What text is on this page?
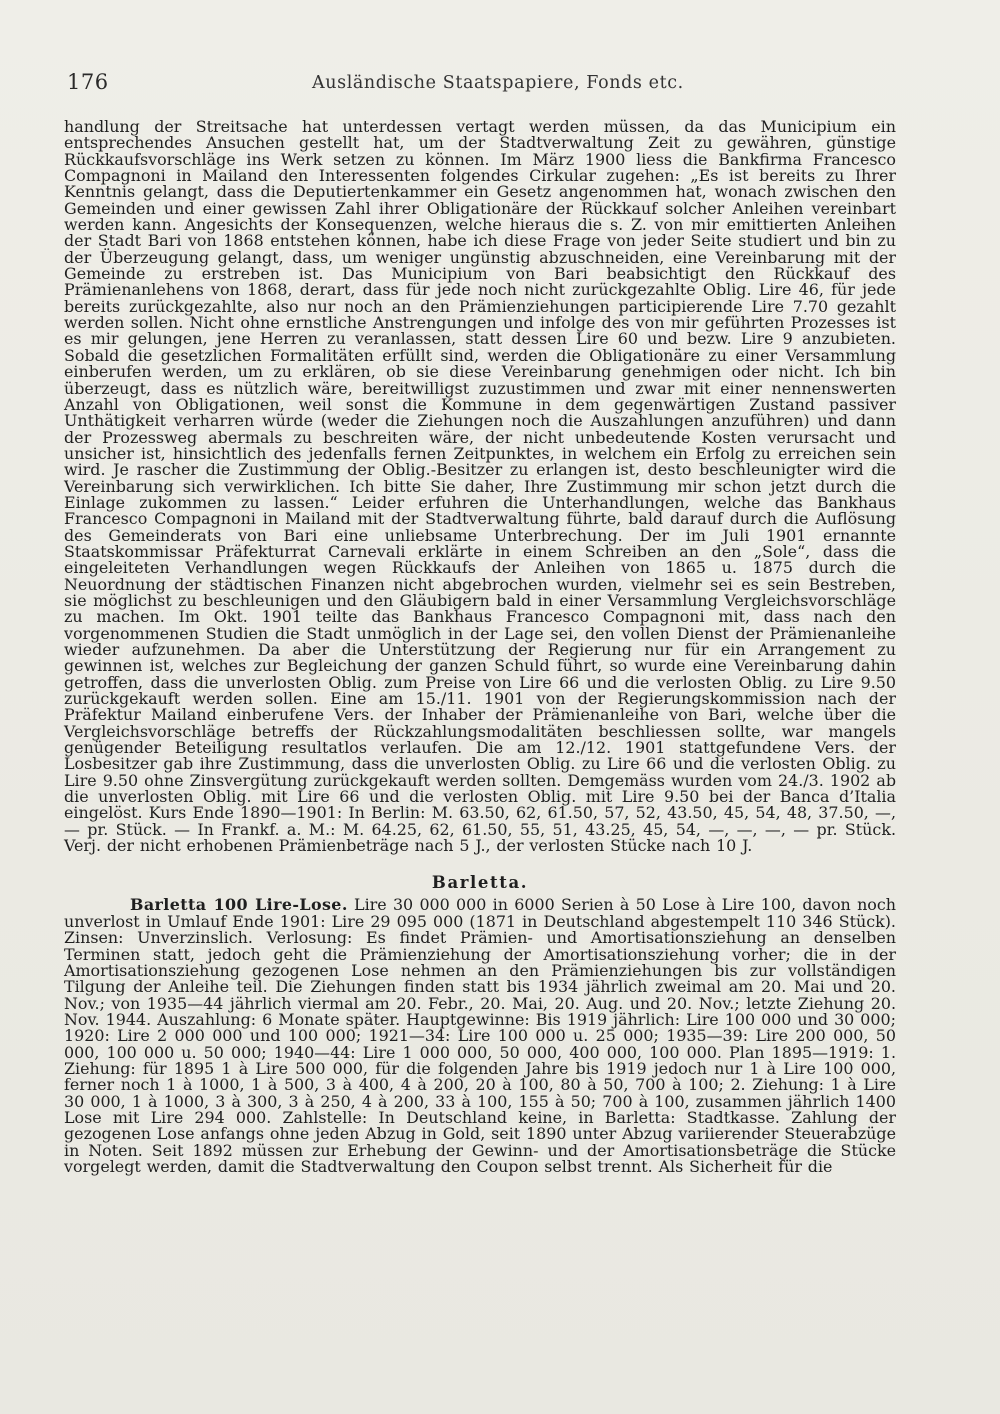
176	Ausländische Staatspapiere, Fonds etc.

handlung der Streitsache hat unterdessen vertagt werden müssen, da das Municipium ein entsprechendes Ansuchen gestellt hat, um der Stadtverwaltung Zeit zu gewähren, günstige Rückkaufsvorschläge ins Werk setzen zu können. Im März 1900 liess die Bankfirma Francesco Compagnoni in Mailand den Interessenten folgendes Cirkular zugehen: „Es ist bereits zu Ihrer Kenntnis gelangt, dass die Deputiertenkammer ein Gesetz angenommen hat, wonach zwischen den Gemeinden und einer gewissen Zahl ihrer Obligationäre der Rückkauf solcher Anleihen vereinbart werden kann. Angesichts der Konsequenzen, welche hieraus die s. Z. von mir emittierten Anleihen der Stadt Bari von 1868 entstehen können, habe ich diese Frage von jeder Seite studiert und bin zu der Überzeugung gelangt, dass, um weniger ungünstig abzuschneiden, eine Vereinbarung mit der Gemeinde zu erstreben ist. Das Municipium von Bari beabsichtigt den Rückkauf des Prämienanlehens von 1868, derart, dass für jede noch nicht zurückgezahlte Oblig. Lire 46, für jede bereits zurückgezahlte, also nur noch an den Prämienziehungen participierende Lire 7.70 gezahlt werden sollen. Nicht ohne ernstliche Anstrengungen und infolge des von mir geführten Prozesses ist es mir gelungen, jene Herren zu veranlassen, statt dessen Lire 60 und bezw. Lire 9 anzubieten. Sobald die gesetzlichen Formalitäten erfüllt sind, werden die Obligationäre zu einer Versammlung einberufen werden, um zu erklären, ob sie diese Vereinbarung genehmigen oder nicht. Ich bin überzeugt, dass es nützlich wäre, bereitwilligst zuzustimmen und zwar mit einer nennenswerten Anzahl von Obligationen, weil sonst die Kommune in dem gegenwärtigen Zustand passiver Unthätigkeit verharren würde (weder die Ziehungen noch die Auszahlungen anzuführen) und dann der Prozessweg abermals zu beschreiten wäre, der nicht unbedeutende Kosten verursacht und unsicher ist, hinsichtlich des jedenfalls fernen Zeitpunktes, in welchem ein Erfolg zu erreichen sein wird. Je rascher die Zustimmung der Oblig.-Besitzer zu erlangen ist, desto beschleunigter wird die Vereinbarung sich verwirklichen. Ich bitte Sie daher, Ihre Zustimmung mir schon jetzt durch die Einlage zukommen zu lassen.“ Leider erfuhren die Unterhandlungen, welche das Bankhaus Francesco Compagnoni in Mailand mit der Stadtverwaltung führte, bald darauf durch die Auflösung des Gemeinderats von Bari eine unliebsame Unterbrechung. Der im Juli 1901 ernannte Staatskommissar Präfekturrat Carnevali erklärte in einem Schreiben an den „Sole“, dass die eingeleiteten Verhandlungen wegen Rückkaufs der Anleihen von 1865 u. 1875 durch die Neuordnung der städtischen Finanzen nicht abgebrochen wurden, vielmehr sei es sein Bestreben, sie möglichst zu beschleunigen und den Gläubigern bald in einer Versammlung Vergleichsvorschläge zu machen. Im Okt. 1901 teilte das Bankhaus Francesco Compagnoni mit, dass nach den vorgenommenen Studien die Stadt unmöglich in der Lage sei, den vollen Dienst der Prämienanleihe wieder aufzunehmen. Da aber die Unterstützung der Regierung nur für ein Arrangement zu gewinnen ist, welches zur Begleichung der ganzen Schuld führt, so wurde eine Vereinbarung dahin getroffen, dass die unverlosten Oblig. zum Preise von Lire 66 und die verlosten Oblig. zu Lire 9.50 zurückgekauft werden sollen. Eine am 15./11. 1901 von der Regierungskommission nach der Präfektur Mailand einberufene Vers. der Inhaber der Prämienanleihe von Bari, welche über die Vergleichsvorschläge betreffs der Rückzahlungsmodalitäten beschliessen sollte, war mangels genügender Beteiligung resultatlos verlaufen. Die am 12./12. 1901 stattgefundene Vers. der Losbesitzer gab ihre Zustimmung, dass die unverlosten Oblig. zu Lire 66 und die verlosten Oblig. zu Lire 9.50 ohne Zinsvergütung zurückgekauft werden sollten. Demgemäss wurden vom 24./3. 1902 ab die unverlosten Oblig. mit Lire 66 und die verlosten Oblig. mit Lire 9.50 bei der Banca d’Italia eingelöst. Kurs Ende 1890—1901: In Berlin: M. 63.50, 62, 61.50, 57, 52, 43.50, 45, 54, 48, 37.50, —, — pr. Stück. — In Frankf. a. M.: M. 64.25, 62, 61.50, 55, 51, 43.25, 45, 54, —, —, —, — pr. Stück. Verj. der nicht erhobenen Prämienbeträge nach 5 J., der verlosten Stücke nach 10 J.

Barletta.

Barletta 100 Lire-Lose. Lire 30 000 000 in 6000 Serien à 50 Lose à Lire 100, davon noch unverlost in Umlauf Ende 1901: Lire 29 095 000 (1871 in Deutschland abgestempelt 110 346 Stück). Zinsen: Unverzinslich. Verlosung: Es findet Prämien- und Amortisationsziehung an denselben Terminen statt, jedoch geht die Prämienziehung der Amortisationsziehung vorher; die in der Amortisationsziehung gezogenen Lose nehmen an den Prämienziehungen bis zur vollständigen Tilgung der Anleihe teil. Die Ziehungen finden statt bis 1934 jährlich zweimal am 20. Mai und 20. Nov.; von 1935—44 jährlich viermal am 20. Febr., 20. Mai, 20. Aug. und 20. Nov.; letzte Ziehung 20. Nov. 1944. Auszahlung: 6 Monate später. Hauptgewinne: Bis 1919 jährlich: Lire 100 000 und 30 000; 1920: Lire 2 000 000 und 100 000; 1921—34: Lire 100 000 u. 25 000; 1935—39: Lire 200 000, 50 000, 100 000 u. 50 000; 1940—44: Lire 1 000 000, 50 000, 400 000, 100 000. Plan 1895—1919: 1. Ziehung: für 1895 1 à Lire 500 000, für die folgenden Jahre bis 1919 jedoch nur 1 à Lire 100 000, ferner noch 1 à 1000, 1 à 500, 3 à 400, 4 à 200, 20 à 100, 80 à 50, 700 à 100; 2. Ziehung: 1 à Lire 30 000, 1 à 1000, 3 à 300, 3 à 250, 4 à 200, 33 à 100, 155 à 50; 700 à 100, zusammen jährlich 1400 Lose mit Lire 294 000. Zahlstelle: In Deutschland keine, in Barletta: Stadtkasse. Zahlung der gezogenen Lose anfangs ohne jeden Abzug in Gold, seit 1890 unter Abzug variierender Steuerabzüge in Noten. Seit 1892 müssen zur Erhebung der Gewinn- und der Amortisationsbeträge die Stücke vorgelegt werden, damit die Stadtverwaltung den Coupon selbst trennt. Als Sicherheit für die
